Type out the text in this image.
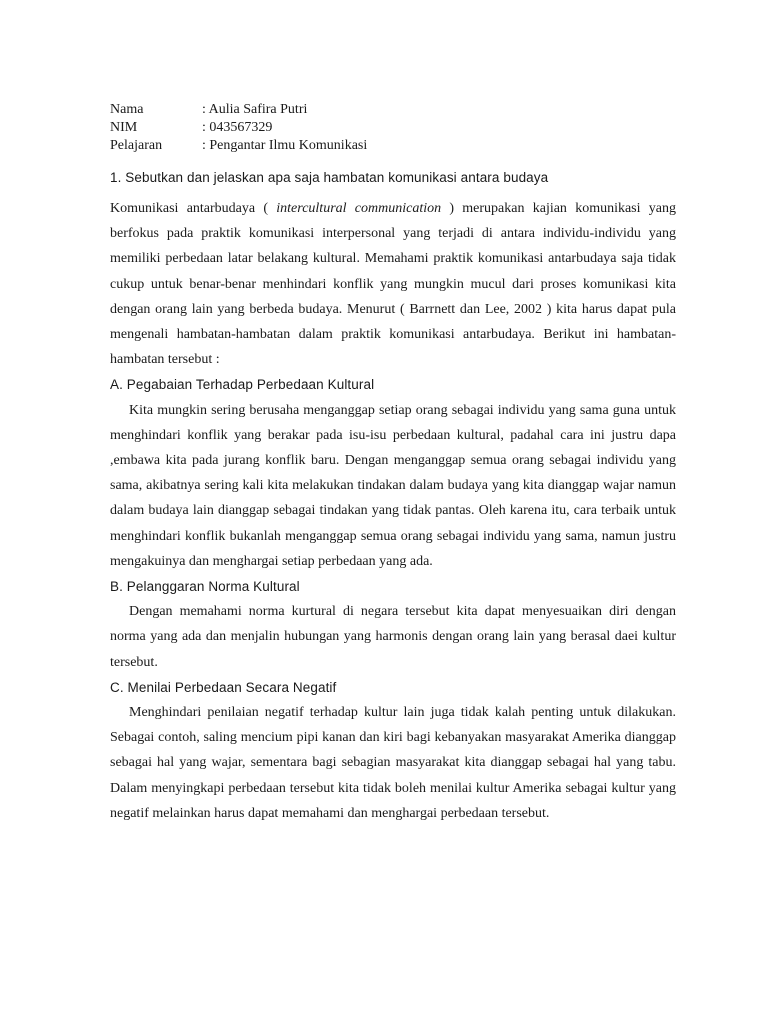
Nama	: Aulia Safira Putri
NIM	: 043567329
Pelajaran	: Pengantar Ilmu Komunikasi
1. Sebutkan dan jelaskan apa saja hambatan komunikasi antara budaya

Komunikasi antarbudaya ( intercultural communication ) merupakan kajian komunikasi yang berfokus pada praktik komunikasi interpersonal yang terjadi di antara individu-individu yang memiliki perbedaan latar belakang kultural. Memahami praktik komunikasi antarbudaya saja tidak cukup untuk benar-benar menhindari konflik yang mungkin mucul dari proses komunikasi kita dengan orang lain yang berbeda budaya. Menurut ( Barrnett dan Lee, 2002 ) kita harus dapat pula mengenali hambatan-hambatan dalam praktik komunikasi antarbudaya. Berikut ini hambatan-hambatan tersebut :

A. Pegabaian Terhadap Perbedaan Kultural

Kita mungkin sering berusaha menganggap setiap orang sebagai individu yang sama guna untuk menghindari konflik yang berakar pada isu-isu perbedaan kultural, padahal cara ini justru dapa ,embawa kita pada jurang konflik baru. Dengan menganggap semua orang sebagai individu yang sama, akibatnya sering kali kita melakukan tindakan dalam budaya yang kita dianggap wajar namun dalam budaya lain dianggap sebagai tindakan yang tidak pantas. Oleh karena itu, cara terbaik untuk menghindari konflik bukanlah menganggap semua orang sebagai individu yang sama, namun justru mengakuinya dan menghargai setiap perbedaan yang ada.

B. Pelanggaran Norma Kultural

Dengan memahami norma kurtural di negara tersebut kita dapat menyesuaikan diri dengan norma yang ada dan menjalin hubungan yang harmonis dengan orang lain yang berasal daei kultur tersebut.

C. Menilai Perbedaan Secara Negatif

Menghindari penilaian negatif terhadap kultur lain juga tidak kalah penting untuk dilakukan. Sebagai contoh, saling mencium pipi kanan dan kiri bagi kebanyakan masyarakat Amerika dianggap sebagai hal yang wajar, sementara bagi sebagian masyarakat kita dianggap sebagai hal yang tabu. Dalam menyingkapi perbedaan tersebut kita tidak boleh menilai kultur Amerika sebagai kultur yang negatif melainkan harus dapat memahami dan menghargai perbedaan tersebut.
